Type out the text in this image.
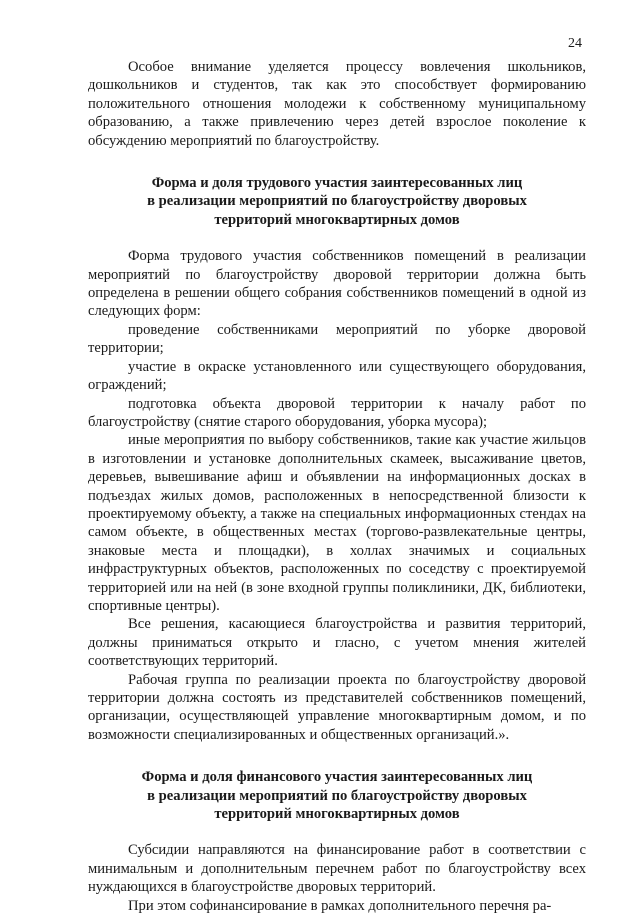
24

Особое внимание уделяется процессу вовлечения школьников, дошкольников и студентов, так как это способствует формированию положительного отношения молодежи к собственному муниципальному образованию, а также привлечению через детей взрослое поколение к обсуждению мероприятий по благоустройству.

Форма и доля трудового участия заинтересованных лиц
в реализации мероприятий по благоустройству дворовых
территорий многоквартирных домов

Форма трудового участия собственников помещений в реализации мероприятий по благоустройству дворовой территории должна быть определена в решении общего собрания собственников помещений в одной из следующих форм:

проведение собственниками мероприятий по уборке дворовой территории;

участие в окраске установленного или существующего оборудования, ограждений;

подготовка объекта дворовой территории к началу работ по благоустройству (снятие старого оборудования, уборка мусора);

иные мероприятия по выбору собственников, такие как участие жильцов в изготовлении и установке дополнительных скамеек, высаживание цветов, деревьев, вывешивание афиш и объявлении на информационных досках в подъездах жилых домов, расположенных в непосредственной близости к проектируемому объекту, а также на специальных информационных стендах на самом объекте, в общественных местах (торгово-развлекательные центры, знаковые места и площадки), в холлах значимых и социальных инфраструктурных объектов, расположенных по соседству с проектируемой территорией или на ней (в зоне входной группы поликлиники, ДК, библиотеки, спортивные центры).

Все решения, касающиеся благоустройства и развития территорий, должны приниматься открыто и гласно, с учетом мнения жителей соответствующих территорий.

Рабочая группа по реализации проекта по благоустройству дворовой территории должна состоять из представителей собственников помещений, организации, осуществляющей управление многоквартирным домом, и по возможности специализированных и общественных организаций.».

Форма и доля финансового участия заинтересованных лиц
в реализации мероприятий по благоустройству дворовых
территорий многоквартирных домов

Субсидии направляются на финансирование работ в соответствии с минимальным и дополнительным перечнем работ по благоустройству всех нуждающихся в благоустройстве дворовых территорий.

При этом софинансирование в рамках дополнительного перечня ра-
